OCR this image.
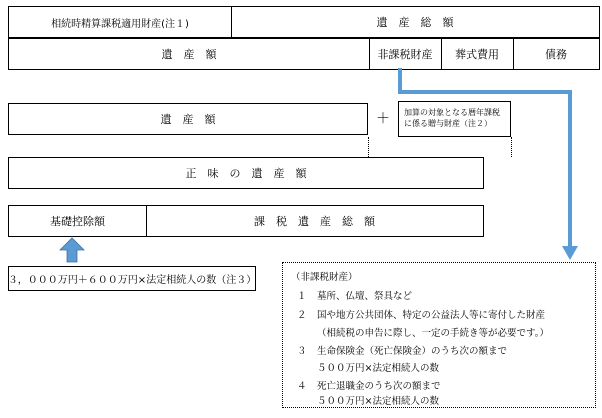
相続時精算課税適用財産(注１)	遺　産　総　額
遺　産　額	非課税財産	葬式費用	債務
遺　産　額	＋	加算の対象となる暦年課税に係る贈与財産（注２）
正　味　の　遺　産　額
基礎控除額	課　税　遺　産　総　額
３，０００万円＋６００万円×法定相続人の数（注３）	（非課税財産）
１ 墓所、仏壇、祭具など
２ 国や地方公共団体、特定の公益法人等に寄付した財産
（相続税の申告に際し、一定の手続き等が必要です。）
３ 生命保険金（死亡保険金）のうち次の額まで
５００万円×法定相続人の数
４ 死亡退職金のうち次の額まで
５００万円×法定相続人の数
